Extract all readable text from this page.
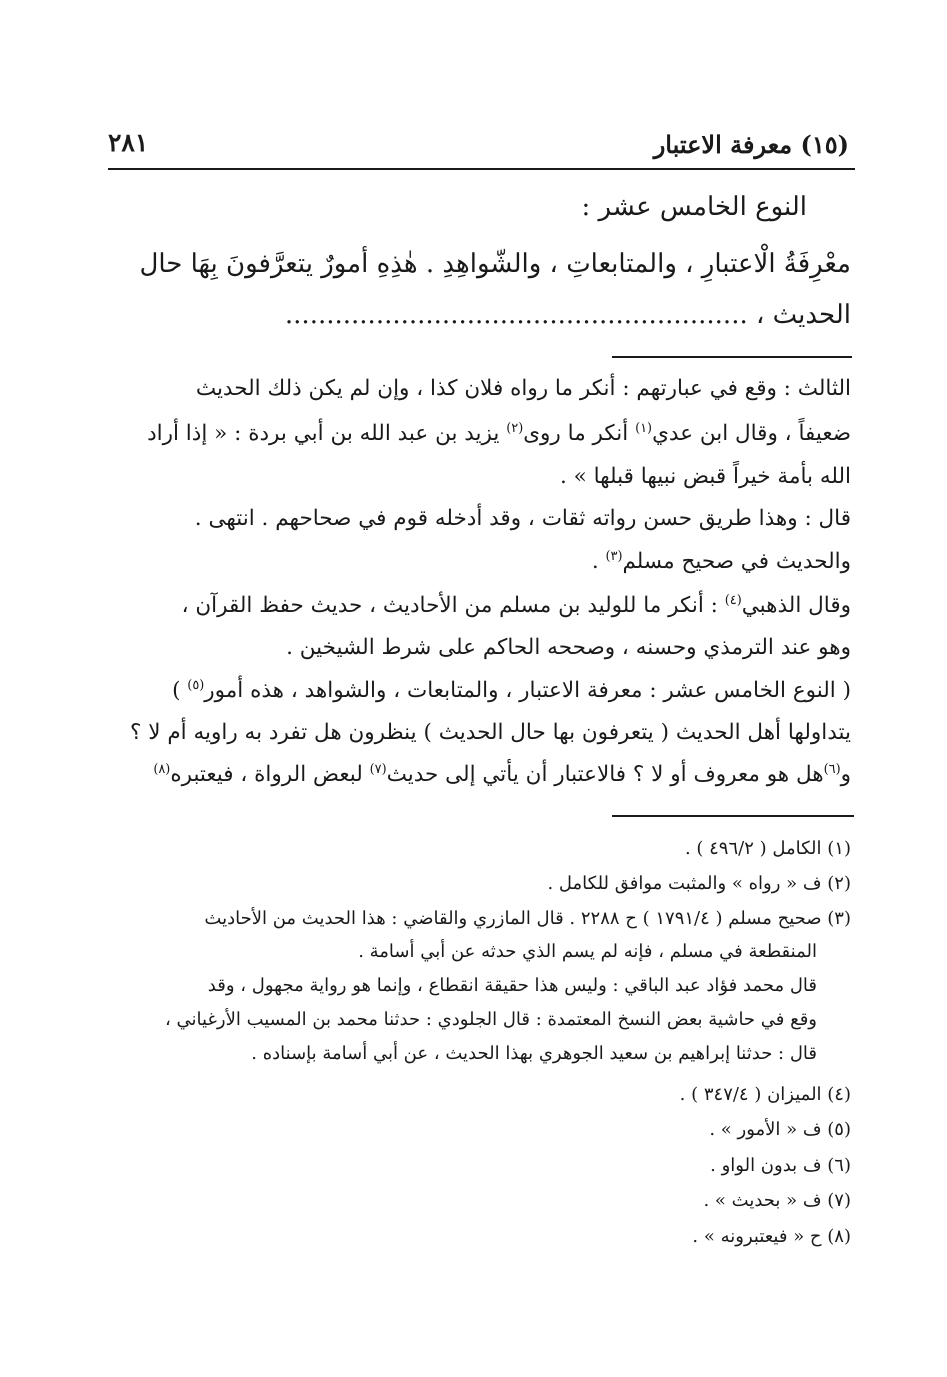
(١٥) معرفة الاعتبار
٢٨١
النوع الخامس عشر :
معْرِفَةُ الْاعتبارِ ، والمتابعاتِ ، والشّواهِدِ . هٰذِهِ أمورٌ يتعرَّفونَ بِهَا حال
الحديث ، ........................................................
الثالث : وقع في عبارتهم : أنكر ما رواه فلان كذا ، وإن لم يكن ذلك الحديث
ضعيفاً ، وقال ابن عدي$^{(١)}$ أنكر ما روى$^{(٢)}$ يزيد بن عبد الله بن أبي بردة : « إذا أراد
الله بأمة خيراً قبض نبيها قبلها » .
قال : وهذا طريق حسن رواته ثقات ، وقد أدخله قوم في صحاحهم . انتهى .
والحديث في صحيح مسلم$^{(٣)}$ .
وقال الذهبي$^{(٤)}$ : أنكر ما للوليد بن مسلم من الأحاديث ، حديث حفظ القرآن ،
وهو عند الترمذي وحسنه ، وصححه الحاكم على شرط الشيخين .
( النوع الخامس عشر : معرفة الاعتبار ، والمتابعات ، والشواهد ، هذه أمور$^{(٥)}$ )
يتداولها أهل الحديث ( يتعرفون بها حال الحديث ) ينظرون هل تفرد به راويه أم لا ؟
و$^{(٦)}$هل هو معروف أو لا ؟ فالاعتبار أن يأتي إلى حديث$^{(٧)}$ لبعض الرواة ، فيعتبره$^{(٨)}$
(١) الكامل ( ٤٩٦/٢ ) .
(٢) ف « رواه » والمثبت موافق للكامل .
(٣) صحيح مسلم ( ١٧٩١/٤ ) ح ٢٢٨٨ . قال المازري والقاضي : هذا الحديث من الأحاديث
المنقطعة في مسلم ، فإنه لم يسم الذي حدثه عن أبي أسامة .
قال محمد فؤاد عبد الباقي : وليس هذا حقيقة انقطاع ، وإنما هو رواية مجهول ، وقد
وقع في حاشية بعض النسخ المعتمدة : قال الجلودي : حدثنا محمد بن المسيب الأرغياني ،
قال : حدثنا إبراهيم بن سعيد الجوهري بهذا الحديث ، عن أبي أسامة بإسناده .
(٤) الميزان ( ٣٤٧/٤ ) .
(٥) ف « الأمور » .
(٦) ف بدون الواو .
(٧) ف « بحديث » .
(٨) ح « فيعتبرونه » .
